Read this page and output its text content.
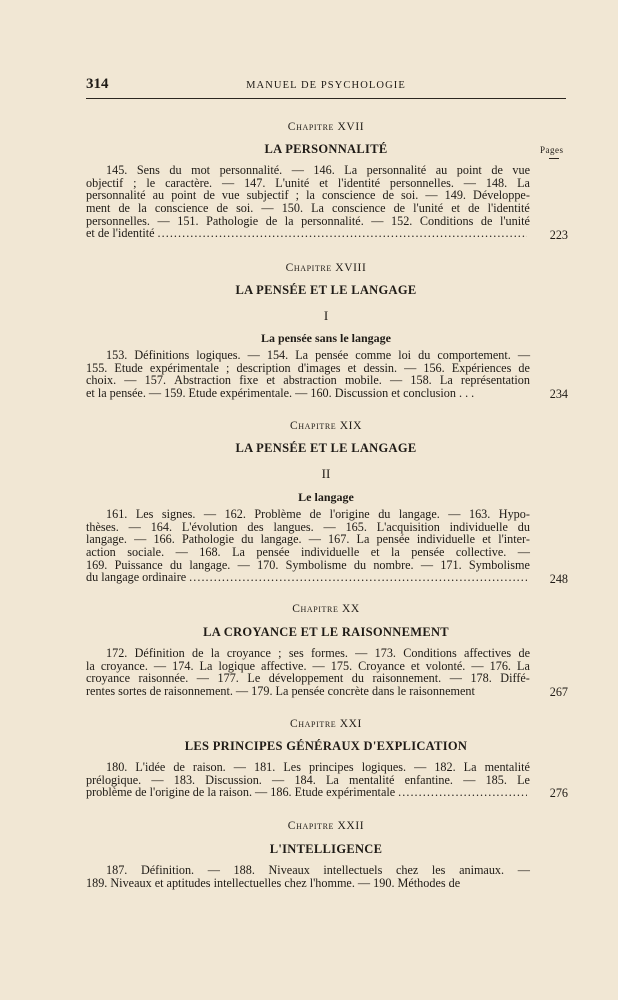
314	MANUEL DE PSYCHOLOGIE
Pages
Chapitre XVII
LA PERSONNALITÉ
145. Sens du mot personnalité. — 146. La personnalité au point de vue
objectif ; le caractère. — 147. L'unité et l'identité personnelles. — 148. La
personnalité au point de vue subjectif ; la conscience de soi. — 149. Développe-
ment de la conscience de soi. — 150. La conscience de l'unité et de l'identité
personnelles. — 151. Pathologie de la personnalité. — 152. Conditions de l'unité
et de l'identité . . .	223
Chapitre XVIII
LA PENSÉE ET LE LANGAGE
I
La pensée sans le langage
153. Définitions logiques. — 154. La pensée comme loi du comportement. —
155. Etude expérimentale ; description d'images et dessin. — 156. Expériences de
choix. — 157. Abstraction fixe et abstraction mobile. — 158. La représentation
et la pensée. — 159. Etude expérimentale. — 160. Discussion et conclusion . . .	234
Chapitre XIX
LA PENSÉE ET LE LANGAGE
II
Le langage
161. Les signes. — 162. Problème de l'origine du langage. — 163. Hypo-
thèses. — 164. L'évolution des langues. — 165. L'acquisition individuelle du
langage. — 166. Pathologie du langage. — 167. La pensée individuelle et l'inter-
action sociale. — 168. La pensée individuelle et la pensée collective. —
169. Puissance du langage. — 170. Symbolisme du nombre. — 171. Symbolisme
du langage ordinaire . . .	248
Chapitre XX
LA CROYANCE ET LE RAISONNEMENT
172. Définition de la croyance ; ses formes. — 173. Conditions affectives de
la croyance. — 174. La logique affective. — 175. Croyance et volonté. — 176. La
croyance raisonnée. — 177. Le développement du raisonnement. — 178. Diffé-
rentes sortes de raisonnement. — 179. La pensée concrète dans le raisonnement	267
Chapitre XXI
LES PRINCIPES GÉNÉRAUX D'EXPLICATION
180. L'idée de raison. — 181. Les principes logiques. — 182. La mentalité
prélogique. — 183. Discussion. — 184. La mentalité enfantine. — 185. Le
problème de l'origine de la raison. — 186. Etude expérimentale . . .	276
Chapitre XXII
L'INTELLIGENCE
187. Définition. — 188. Niveaux intellectuels chez les animaux. —
189. Niveaux et aptitudes intellectuelles chez l'homme. — 190. Méthodes de
